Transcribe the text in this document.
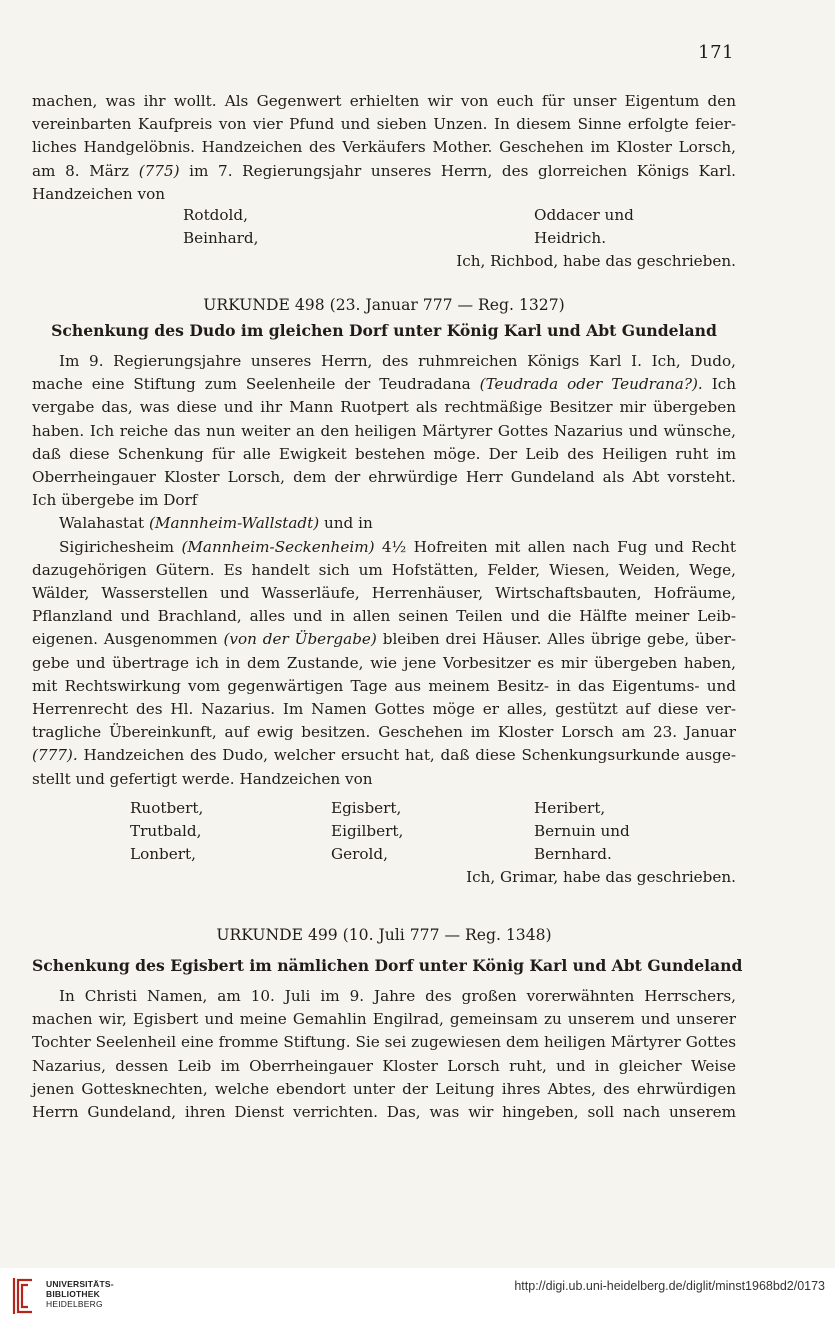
171
machen, was ihr wollt. Als Gegenwert erhielten wir von euch für unser Eigentum den
vereinbarten Kaufpreis von vier Pfund und sieben Unzen. In diesem Sinne erfolgte feier-
liches Handgelöbnis. Handzeichen des Verkäufers Mother. Geschehen im Kloster Lorsch,
am 8. März (775) im 7. Regierungsjahr unseres Herrn, des glorreichen Königs Karl.
Handzeichen von
Rotdold,	Oddacer und
Beinhard,	Heidrich.
Ich, Richbod, habe das geschrieben.
URKUNDE 498 (23. Januar 777 — Reg. 1327)
Schenkung des Dudo im gleichen Dorf unter König Karl und Abt Gundeland
Im 9. Regierungsjahre unseres Herrn, des ruhmreichen Königs Karl I. Ich, Dudo,
mache eine Stiftung zum Seelenheile der Teudradana (Teudrada oder Teudrana?). Ich
vergabe das, was diese und ihr Mann Ruotpert als rechtmäßige Besitzer mir übergeben
haben. Ich reiche das nun weiter an den heiligen Märtyrer Gottes Nazarius und wünsche,
daß diese Schenkung für alle Ewigkeit bestehen möge. Der Leib des Heiligen ruht im
Oberrheingauer Kloster Lorsch, dem der ehrwürdige Herr Gundeland als Abt vorsteht.
Ich übergebe im Dorf
Walahastat (Mannheim-Wallstadt) und in
Sigirichesheim (Mannheim-Seckenheim) 4½ Hofreiten mit allen nach Fug und Recht
dazugehörigen Gütern. Es handelt sich um Hofstätten, Felder, Wiesen, Weiden, Wege,
Wälder, Wasserstellen und Wasserläufe, Herrenhäuser, Wirtschaftsbauten, Hofräume,
Pflanzland und Brachland, alles und in allen seinen Teilen und die Hälfte meiner Leib-
eigenen. Ausgenommen (von der Übergabe) bleiben drei Häuser. Alles übrige gebe, über-
gebe und übertrage ich in dem Zustande, wie jene Vorbesitzer es mir übergeben haben,
mit Rechtswirkung vom gegenwärtigen Tage aus meinem Besitz- in das Eigentums- und
Herrenrecht des Hl. Nazarius. Im Namen Gottes möge er alles, gestützt auf diese ver-
tragliche Übereinkunft, auf ewig besitzen. Geschehen im Kloster Lorsch am 23. Januar
(777). Handzeichen des Dudo, welcher ersucht hat, daß diese Schenkungsurkunde ausge-
stellt und gefertigt werde. Handzeichen von
Ruotbert,	Egisbert,	Heribert,
Trutbald,	Eigilbert,	Bernuin und
Lonbert,	Gerold,	Bernhard.
Ich, Grimar, habe das geschrieben.
URKUNDE 499 (10. Juli 777 — Reg. 1348)
Schenkung des Egisbert im nämlichen Dorf unter König Karl und Abt Gundeland
In Christi Namen, am 10. Juli im 9. Jahre des großen vorerwähnten Herrschers,
machen wir, Egisbert und meine Gemahlin Engilrad, gemeinsam zu unserem und unserer
Tochter Seelenheil eine fromme Stiftung. Sie sei zugewiesen dem heiligen Märtyrer Gottes
Nazarius, dessen Leib im Oberrheingauer Kloster Lorsch ruht, und in gleicher Weise
jenen Gottesknechten, welche ebendort unter der Leitung ihres Abtes, des ehrwürdigen
Herrn Gundeland, ihren Dienst verrichten. Das, was wir hingeben, soll nach unserem
UNIVERSITÄTS-
BIBLIOTHEK
HEIDELBERG
http://digi.ub.uni-heidelberg.de/diglit/minst1968bd2/0173
